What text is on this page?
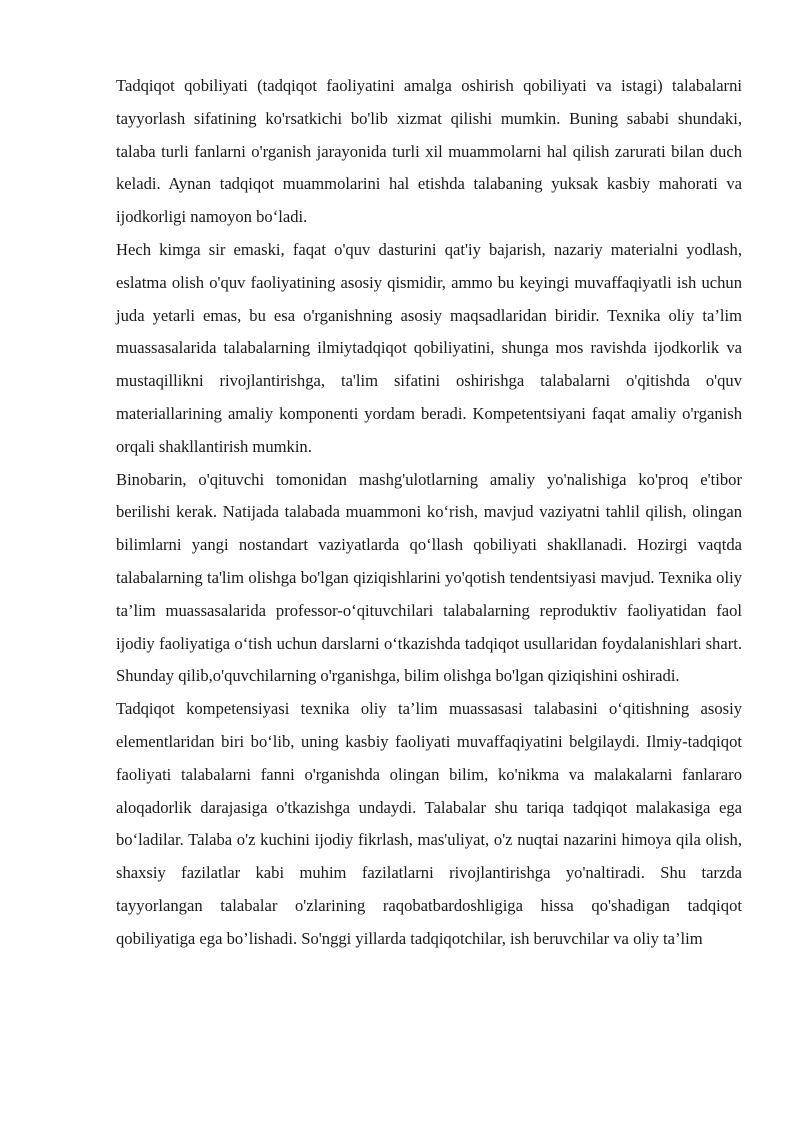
Tadqiqot qobiliyati (tadqiqot faoliyatini amalga oshirish qobiliyati va istagi) talabalarni tayyorlash sifatining ko'rsatkichi bo'lib xizmat qilishi mumkin. Buning sababi shundaki, talaba turli fanlarni o'rganish jarayonida turli xil muammolarni hal qilish zarurati bilan duch keladi. Aynan tadqiqot muammolarini hal etishda talabaning yuksak kasbiy mahorati va ijodkorligi namoyon bo‘ladi.

Hech kimga sir emaski, faqat o'quv dasturini qat'iy bajarish, nazariy materialni yodlash, eslatma olish o'quv faoliyatining asosiy qismidir, ammo bu keyingi muvaffaqiyatli ish uchun juda yetarli emas, bu esa o'rganishning asosiy maqsadlaridan biridir. Texnika oliy ta’lim muassasalarida talabalarning ilmiytadqiqot qobiliyatini, shunga mos ravishda ijodkorlik va mustaqillikni rivojlantirishga, ta'lim sifatini oshirishga talabalarni o'qitishda o'quv materiallarining amaliy komponenti yordam beradi. Kompetentsiyani faqat amaliy o'rganish orqali shakllantirish mumkin.

Binobarin, o'qituvchi tomonidan mashg'ulotlarning amaliy yo'nalishiga ko'proq e'tibor berilishi kerak. Natijada talabada muammoni ko‘rish, mavjud vaziyatni tahlil qilish, olingan bilimlarni yangi nostandart vaziyatlarda qo‘llash qobiliyati shakllanadi. Hozirgi vaqtda talabalarning ta'lim olishga bo'lgan qiziqishlarini yo'qotish tendentsiyasi mavjud. Texnika oliy ta’lim muassasalarida professor-o‘qituvchilari talabalarning reproduktiv faoliyatidan faol ijodiy faoliyatiga o‘tish uchun darslarni o‘tkazishda tadqiqot usullaridan foydalanishlari shart. Shunday qilib,o'quvchilarning o'rganishga, bilim olishga bo'lgan qiziqishini oshiradi.

Tadqiqot kompetensiyasi texnika oliy ta’lim muassasasi talabasini o‘qitishning asosiy elementlaridan biri bo‘lib, uning kasbiy faoliyati muvaffaqiyatini belgilaydi. Ilmiy-tadqiqot faoliyati talabalarni fanni o'rganishda olingan bilim, ko'nikma va malakalarni fanlararo aloqadorlik darajasiga o'tkazishga undaydi. Talabalar shu tariqa tadqiqot malakasiga ega bo‘ladilar. Talaba o'z kuchini ijodiy fikrlash, mas'uliyat, o'z nuqtai nazarini himoya qila olish, shaxsiy fazilatlar kabi muhim fazilatlarni rivojlantirishga yo'naltiradi. Shu tarzda tayyorlangan talabalar o'zlarining raqobatbardoshligiga hissa qo'shadigan tadqiqot qobiliyatiga ega bo’lishadi. So'nggi yillarda tadqiqotchilar, ish beruvchilar va oliy ta’lim
